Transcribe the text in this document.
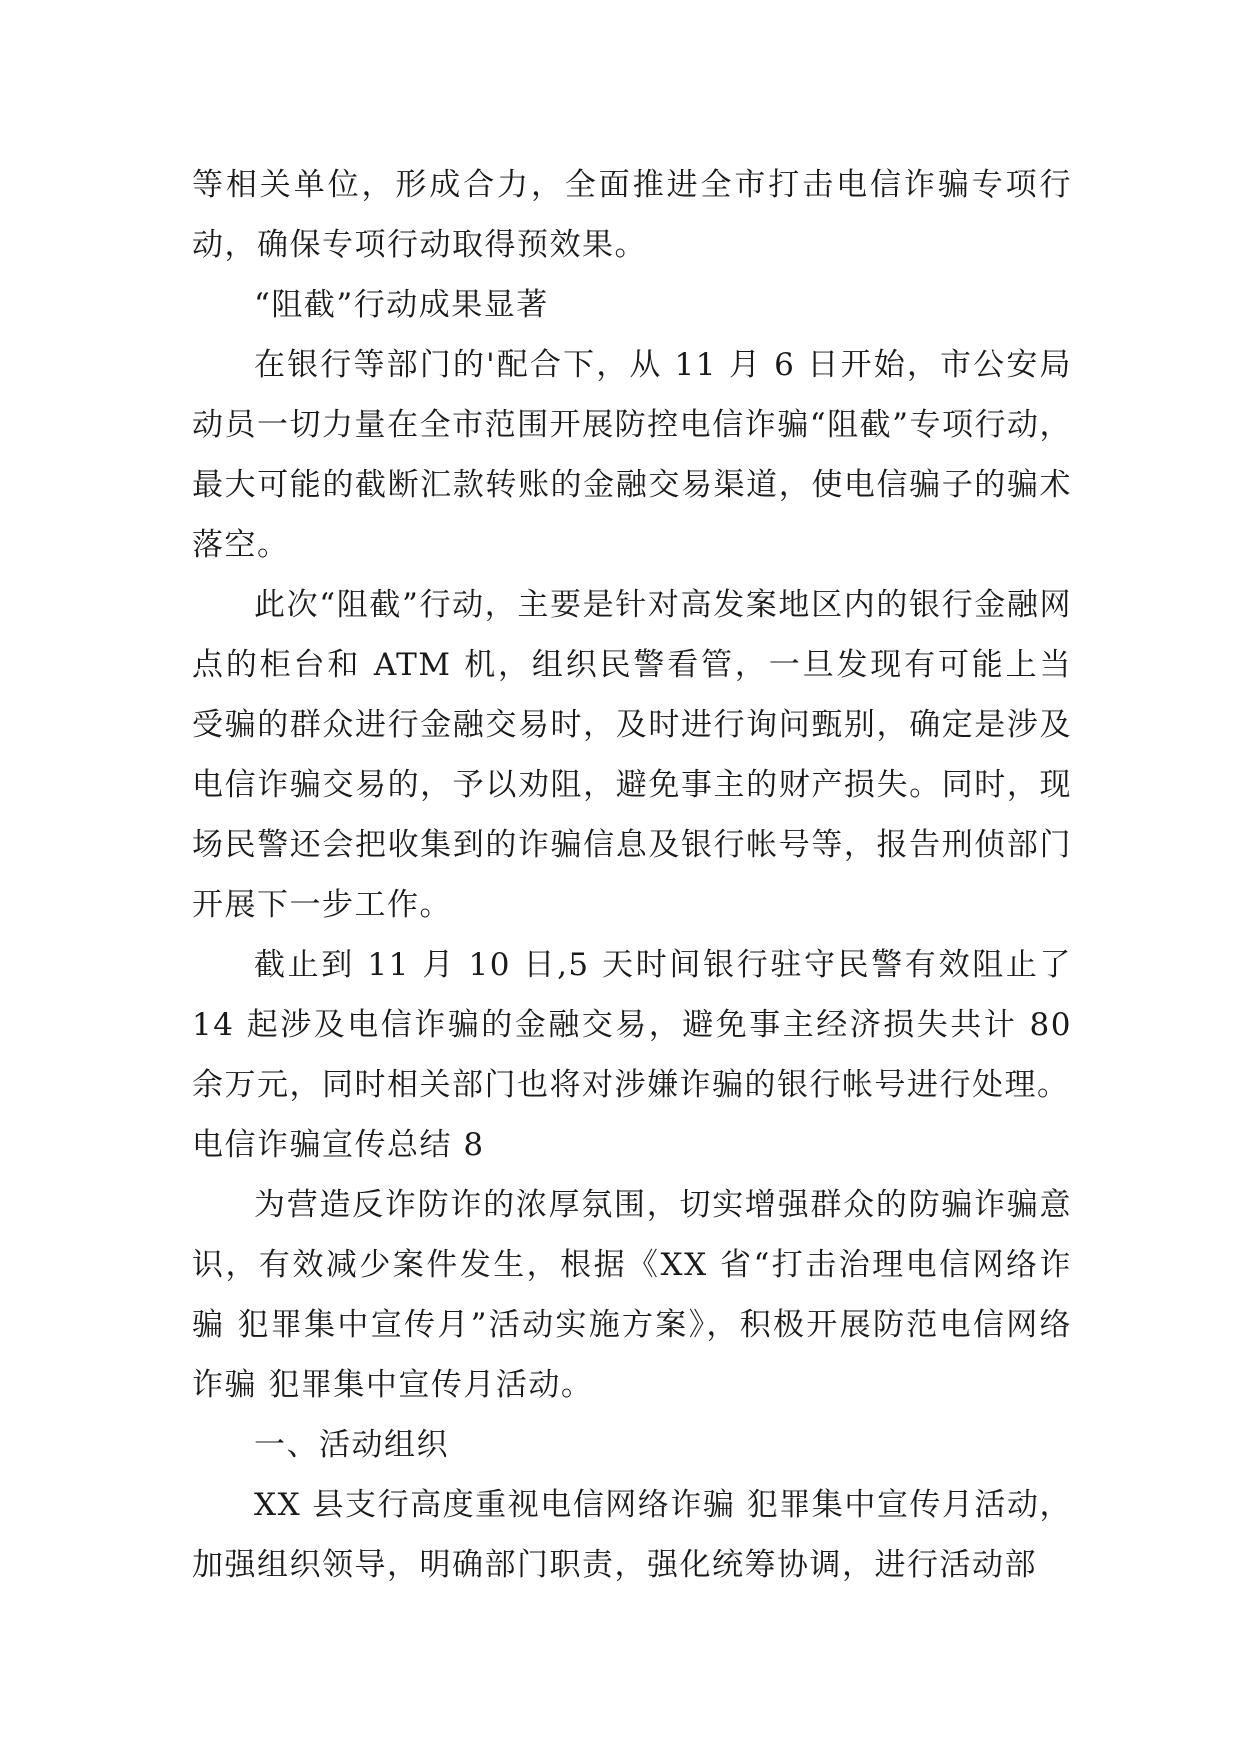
等相关单位，形成合力，全面推进全市打击电信诈骗专项行动，确保专项行动取得预效果。

“阻截”行动成果显著

在银行等部门的'配合下，从 11 月 6 日开始，市公安局动员一切力量在全市范围开展防控电信诈骗“阻截”专项行动，最大可能的截断汇款转账的金融交易渠道，使电信骗子的骗术落空。

此次“阻截”行动，主要是针对高发案地区内的银行金融网点的柜台和 ATM 机，组织民警看管，一旦发现有可能上当受骗的群众进行金融交易时，及时进行询问甄别，确定是涉及电信诈骗交易的，予以劝阻，避免事主的财产损失。同时，现场民警还会把收集到的诈骗信息及银行帐号等，报告刑侦部门开展下一步工作。

截止到 11 月 10 日,5 天时间银行驻守民警有效阻止了 14 起涉及电信诈骗的金融交易，避免事主经济损失共计 80 余万元，同时相关部门也将对涉嫌诈骗的银行帐号进行处理。

电信诈骗宣传总结 8

为营造反诈防诈的浓厚氛围，切实增强群众的防骗诈骗意识，有效减少案件发生，根据《XX 省“打击治理电信网络诈骗 犯罪集中宣传月”活动实施方案》，积极开展防范电信网络诈骗 犯罪集中宣传月活动。

一、活动组织

XX 县支行高度重视电信网络诈骗 犯罪集中宣传月活动，加强组织领导，明确部门职责，强化统筹协调，进行活动部
